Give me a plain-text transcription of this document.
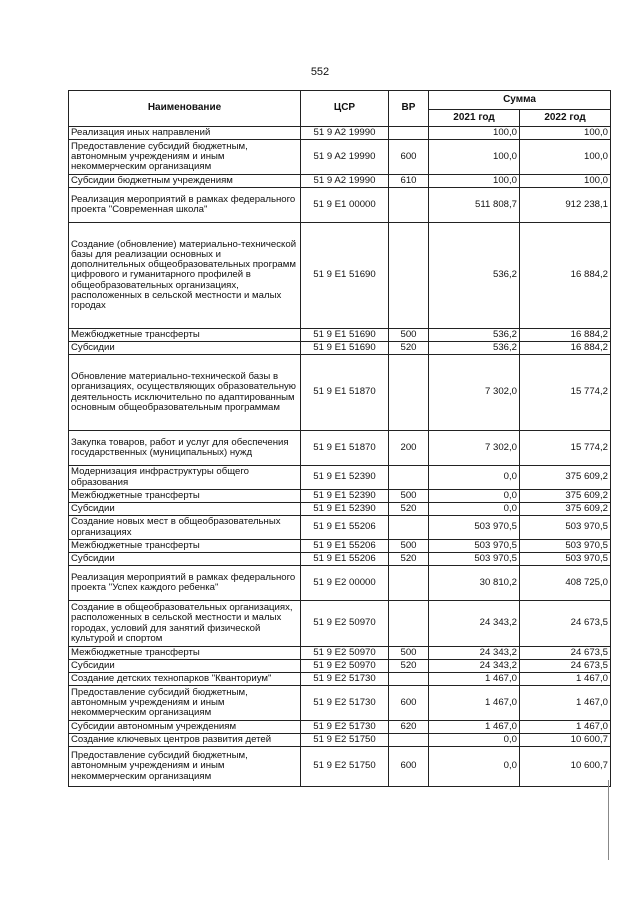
552
Наименование	ЦСР	ВР	Сумма	
			2021 год	2022 год
Реализация иных направлений	51 9 A2 19990		100,0	100,0
Предоставление субсидий бюджетным, автономным учреждениям и иным некоммерческим организациям	51 9 A2 19990	600	100,0	100,0
Субсидии бюджетным учреждениям	51 9 A2 19990	610	100,0	100,0
Реализация мероприятий в рамках федерального проекта "Современная школа"	51 9 E1 00000		511 808,7	912 238,1
Создание (обновление) материально-технической базы для реализации основных и дополнительных общеобразовательных программ цифрового и гуманитарного профилей в общеобразовательных организациях, расположенных в сельской местности и малых городах	51 9 E1 51690		536,2	16 884,2
Межбюджетные трансферты	51 9 E1 51690	500	536,2	16 884,2
Субсидии	51 9 E1 51690	520	536,2	16 884,2
Обновление материально-технической базы в организациях, осуществляющих образовательную деятельность исключительно по адаптированным основным общеобразовательным программам	51 9 E1 51870		7 302,0	15 774,2
Закупка товаров, работ и услуг для обеспечения государственных (муниципальных) нужд	51 9 E1 51870	200	7 302,0	15 774,2
Модернизация инфраструктуры общего образования	51 9 E1 52390		0,0	375 609,2
Межбюджетные трансферты	51 9 E1 52390	500	0,0	375 609,2
Субсидии	51 9 E1 52390	520	0,0	375 609,2
Создание новых мест в общеобразовательных организациях	51 9 E1 55206		503 970,5	503 970,5
Межбюджетные трансферты	51 9 E1 55206	500	503 970,5	503 970,5
Субсидии	51 9 E1 55206	520	503 970,5	503 970,5
Реализация мероприятий в рамках федерального проекта "Успех каждого ребенка"	51 9 E2 00000		30 810,2	408 725,0
Создание в общеобразовательных организациях, расположенных в сельской местности и малых городах, условий для занятий физической культурой и спортом	51 9 E2 50970		24 343,2	24 673,5
Межбюджетные трансферты	51 9 E2 50970	500	24 343,2	24 673,5
Субсидии	51 9 E2 50970	520	24 343,2	24 673,5
Создание детских технопарков "Кванториум"	51 9 E2 51730		1 467,0	1 467,0
Предоставление субсидий бюджетным, автономным учреждениям и иным некоммерческим организациям	51 9 E2 51730	600	1 467,0	1 467,0
Субсидии автономным учреждениям	51 9 E2 51730	620	1 467,0	1 467,0
Создание ключевых центров развития детей	51 9 E2 51750		0,0	10 600,7
Предоставление субсидий бюджетным, автономным учреждениям и иным некоммерческим организациям	51 9 E2 51750	600	0,0	10 600,7
